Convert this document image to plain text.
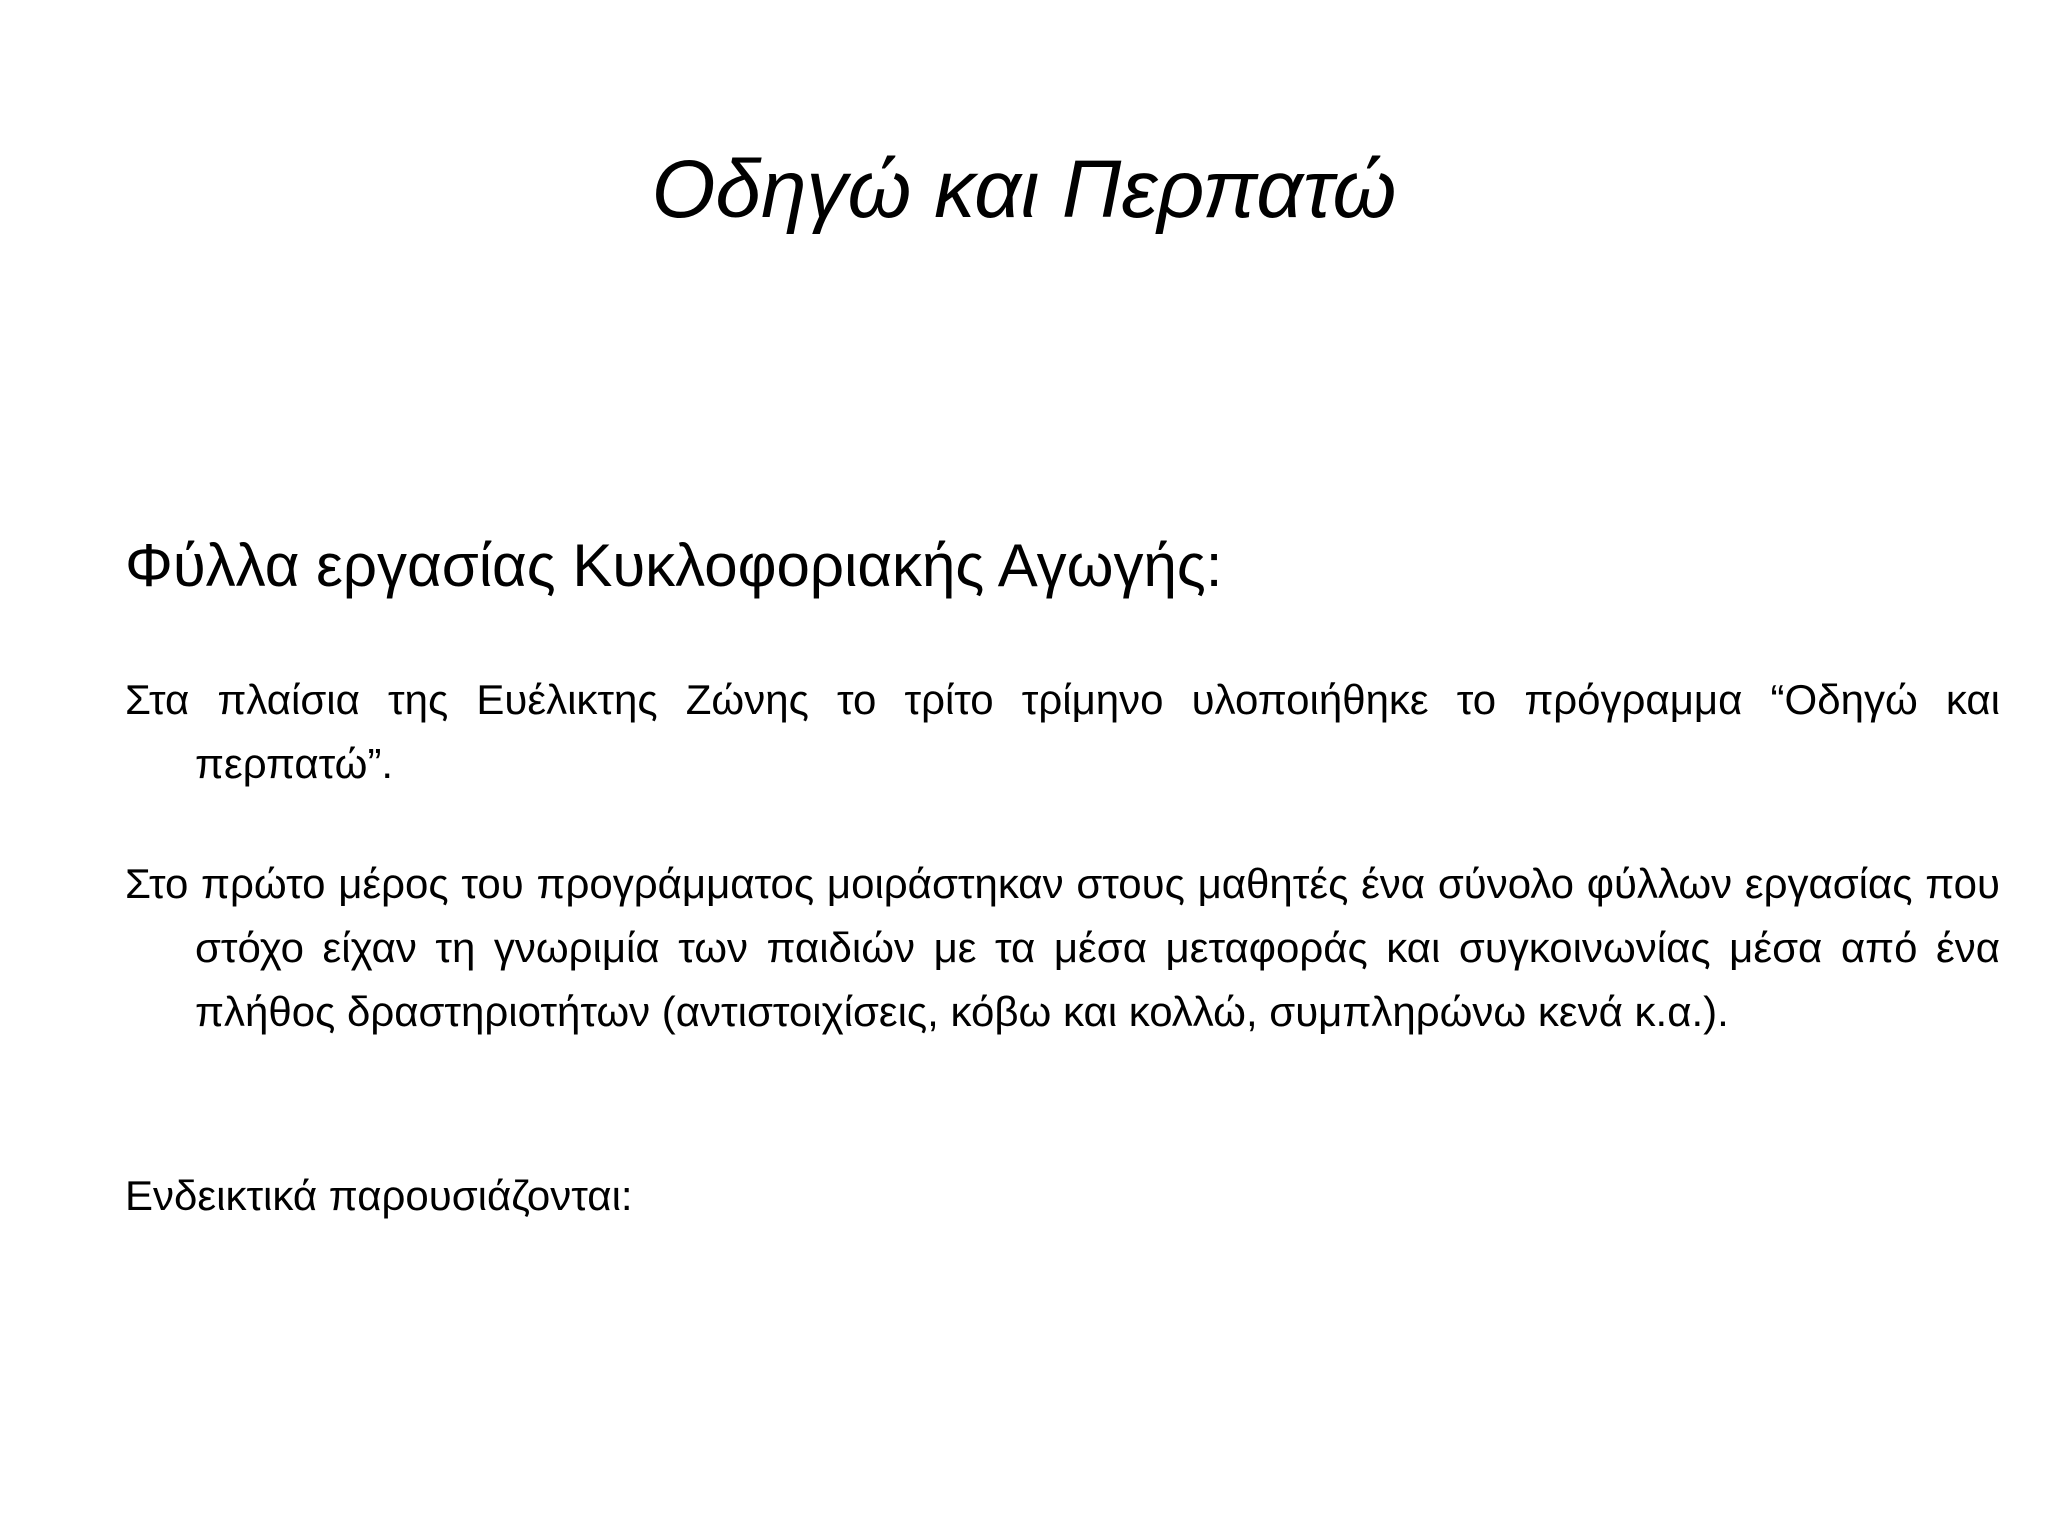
Οδηγώ και Περπατώ
Φύλλα εργασίας Κυκλοφοριακής Αγωγής:

Στα πλαίσια της Ευέλικτης Ζώνης το τρίτο τρίμηνο υλοποιήθηκε το πρόγραμμα “Οδηγώ και περπατώ”.

Στο πρώτο μέρος του προγράμματος μοιράστηκαν στους μαθητές ένα σύνολο φύλλων εργασίας που στόχο είχαν τη γνωριμία των παιδιών με τα μέσα μεταφοράς και συγκοινωνίας μέσα από ένα πλήθος δραστηριοτήτων (αντιστοιχίσεις, κόβω και κολλώ, συμπληρώνω κενά κ.α.).

Ενδεικτικά παρουσιάζονται:
